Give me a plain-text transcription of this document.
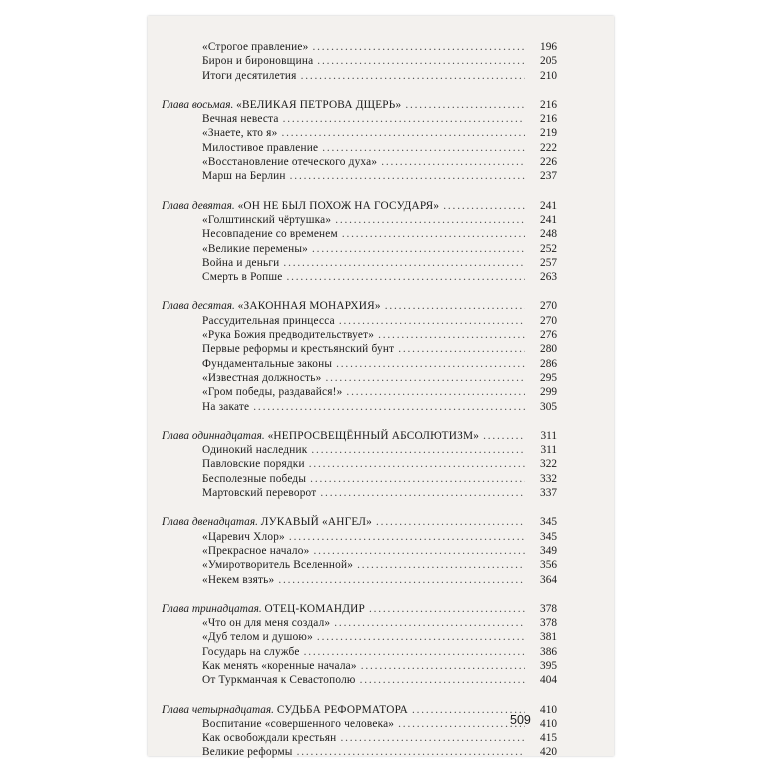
«Строгое правление» . . .	196
Бирон и бироновщина . . .	205
Итоги десятилетия . . .	210
Глава восьмая. «ВЕЛИКАЯ ПЕТРОВА ДЩЕРЬ» . . .	216
Вечная невеста . . .	216
«Знаете, кто я» . . .	219
Милостивое правление . . .	222
«Восстановление отеческого духа» . . .	226
Марш на Берлин . . .	237
Глава девятая. «ОН НЕ БЫЛ ПОХОЖ НА ГОСУДАРЯ» . . .	241
«Голштинский чёртушка» . . .	241
Несовпадение со временем . . .	248
«Великие перемены» . . .	252
Война и деньги . . .	257
Смерть в Ропше . . .	263
Глава десятая. «ЗАКОННАЯ МОНАРХИЯ» . . .	270
Рассудительная принцесса . . .	270
«Рука Божия предводительствует» . . .	276
Первые реформы и крестьянский бунт . . .	280
Фундаментальные законы . . .	286
«Известная должность» . . .	295
«Гром победы, раздавайся!» . . .	299
На закате . . .	305
Глава одиннадцатая. «НЕПРОСВЕЩЁННЫЙ АБСОЛЮТИЗМ» . . .	311
Одинокий наследник . . .	311
Павловские порядки . . .	322
Бесполезные победы . . .	332
Мартовский переворот . . .	337
Глава двенадцатая. ЛУКАВЫЙ «АНГЕЛ» . . .	345
«Царевич Хлор» . . .	345
«Прекрасное начало» . . .	349
«Умиротворитель Вселенной» . . .	356
«Некем взять» . . .	364
Глава тринадцатая. ОТЕЦ-КОМАНДИР . . .	378
«Что он для меня создал» . . .	378
«Дуб телом и душою» . . .	381
Государь на службе . . .	386
Как менять «коренные начала» . . .	395
От Туркманчая к Севастополю . . .	404
Глава четырнадцатая. СУДЬБА РЕФОРМАТОРА . . .	410
Воспитание «совершенного человека» . . .	410
Как освобождали крестьян . . .	415
Великие реформы . . .	420
509
